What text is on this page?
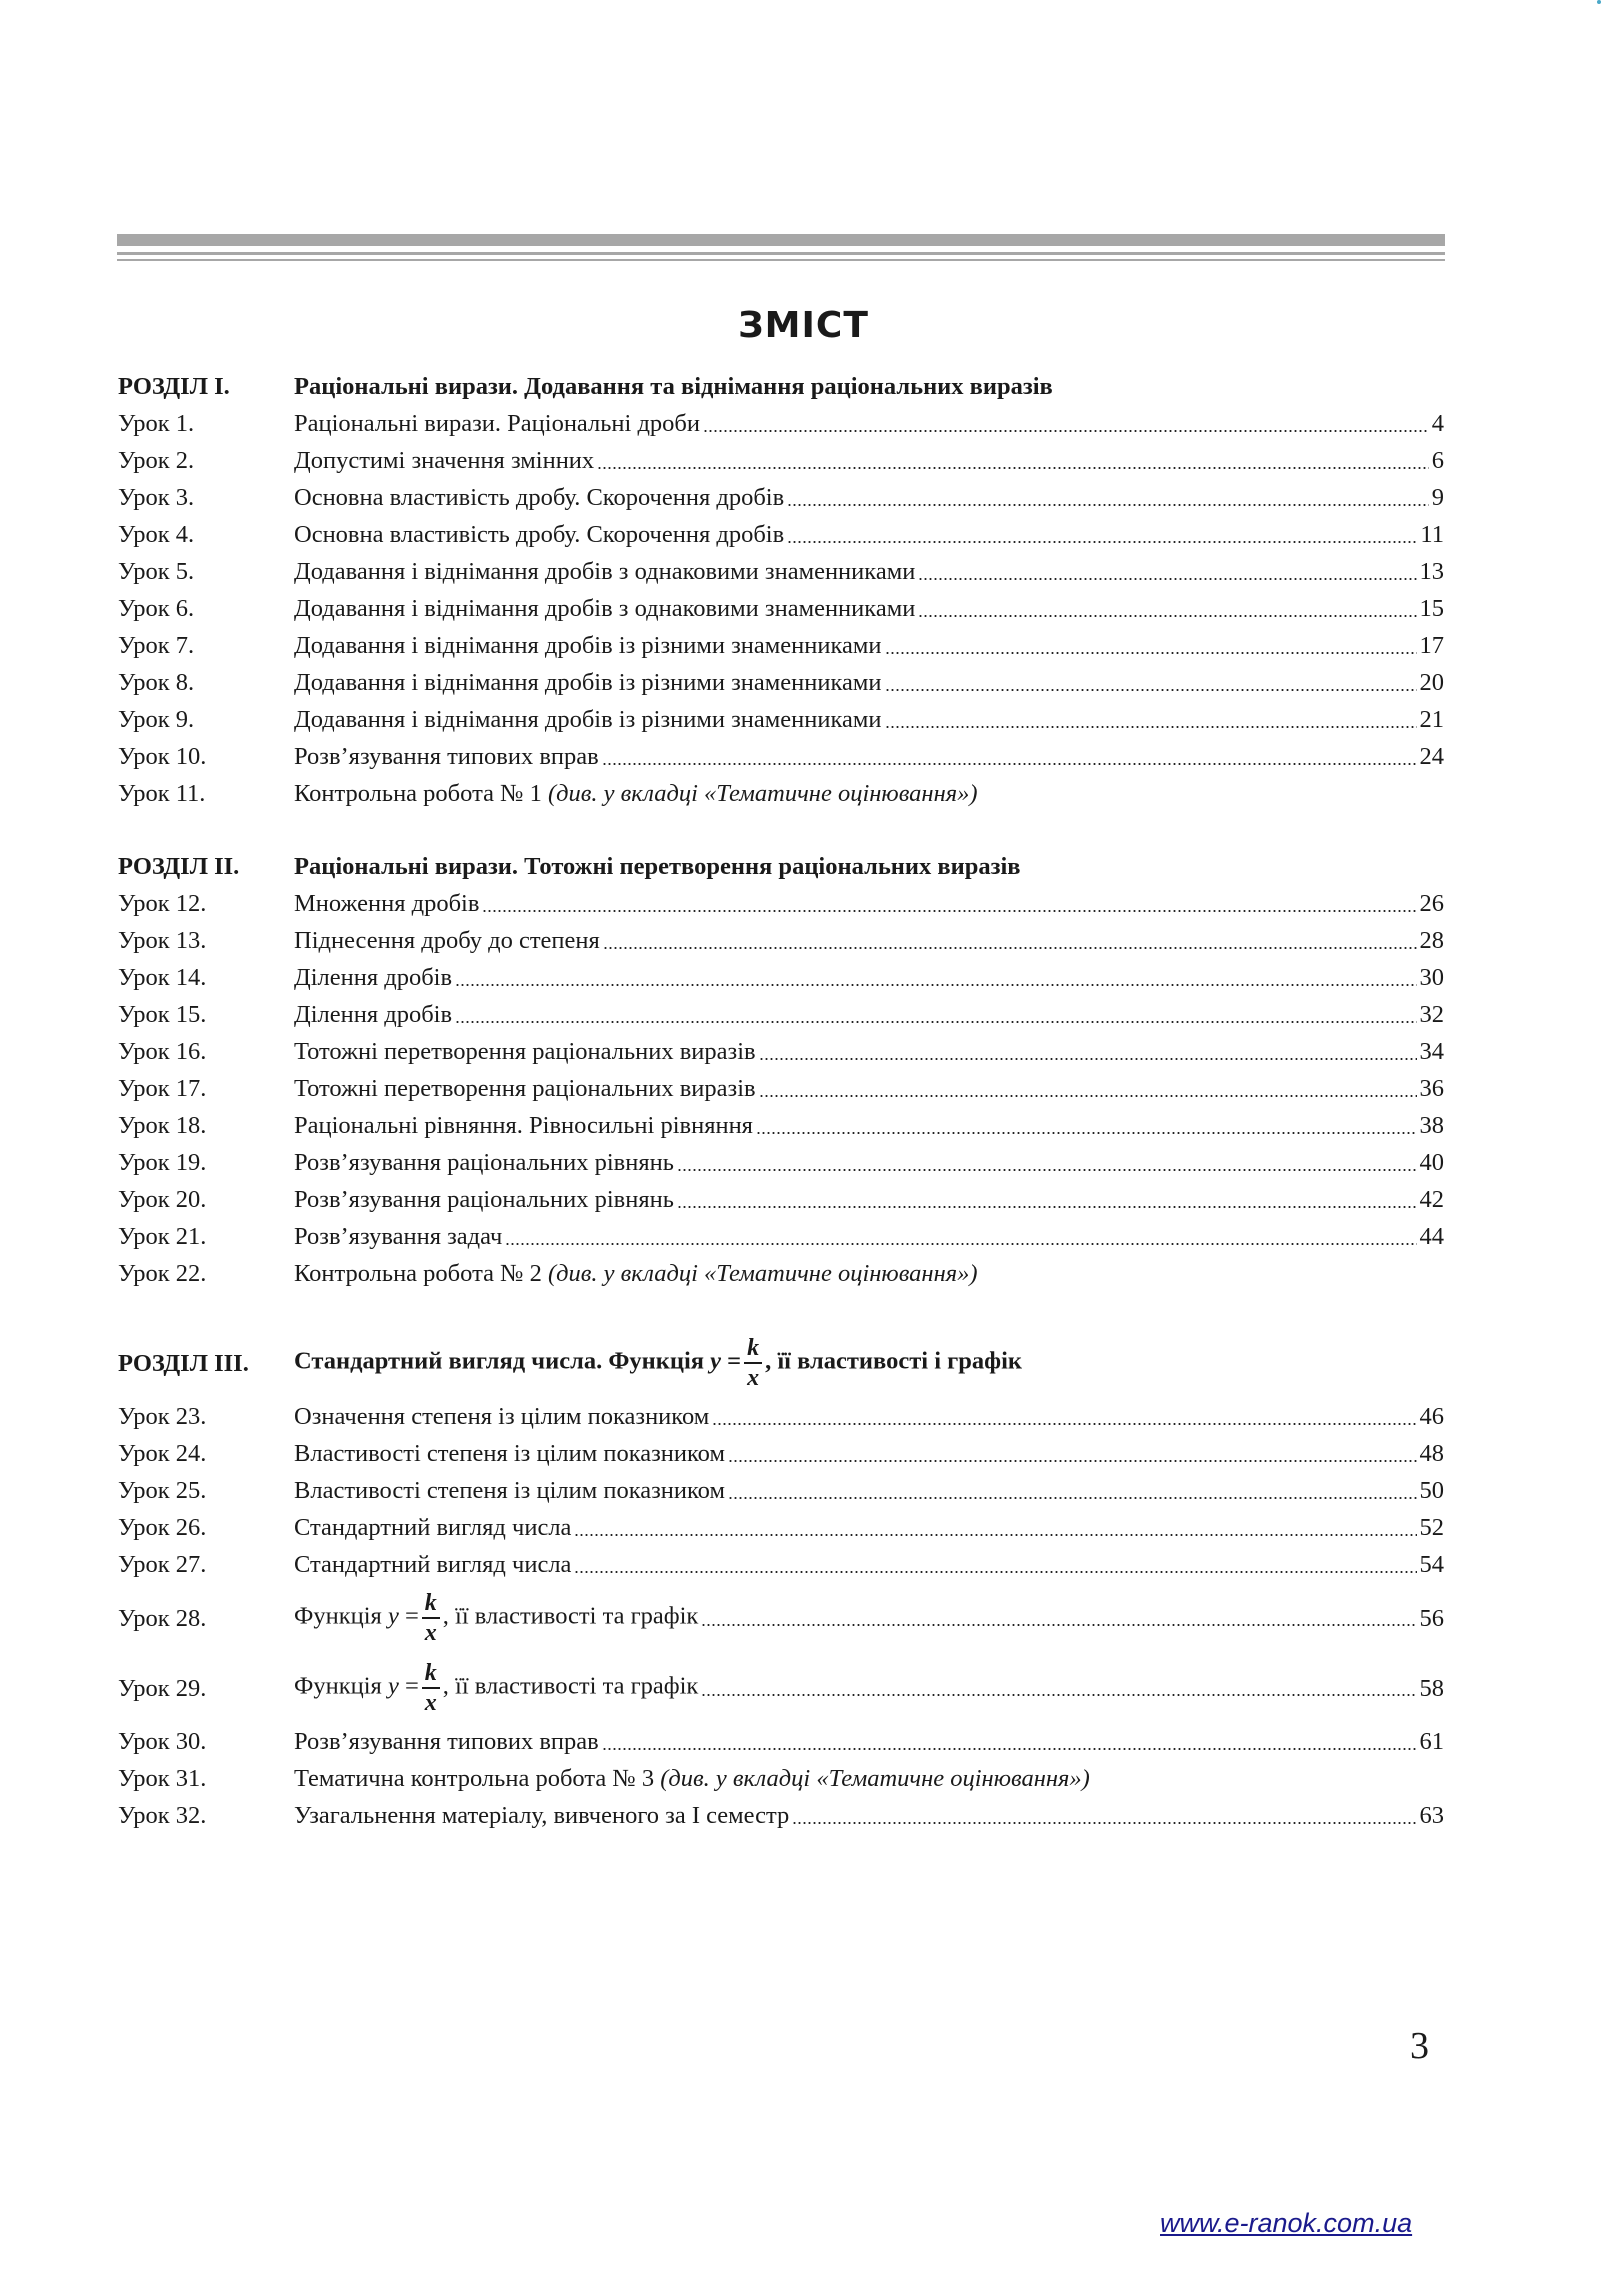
ЗМІСТ
РОЗДІЛ І.	Раціональні вирази. Додавання та віднімання раціональних виразів
Урок 1.	Раціональні вирази. Раціональні дроби	4
Урок 2.	Допустимі значення змінних	6
Урок 3.	Основна властивість дробу. Скорочення дробів	9
Урок 4.	Основна властивість дробу. Скорочення дробів	11
Урок 5.	Додавання і віднімання дробів з однаковими знаменниками	13
Урок 6.	Додавання і віднімання дробів з однаковими знаменниками	15
Урок 7.	Додавання і віднімання дробів із різними знаменниками	17
Урок 8.	Додавання і віднімання дробів із різними знаменниками	20
Урок 9.	Додавання і віднімання дробів із різними знаменниками	21
Урок 10.	Розв’язування типових вправ	24
Урок 11.	Контрольна робота № 1
(див. у вкладці «Тематичне оцінювання»)
РОЗДІЛ ІІ.	Раціональні вирази. Тотожні перетворення раціональних виразів
Урок 12.	Множення дробів	26
Урок 13.	Піднесення дробу до степеня	28
Урок 14.	Ділення дробів	30
Урок 15.	Ділення дробів	32
Урок 16.	Тотожні перетворення раціональних виразів	34
Урок 17.	Тотожні перетворення раціональних виразів	36
Урок 18.	Раціональні рівняння. Рівносильні рівняння	38
Урок 19.	Розв’язування раціональних рівнянь	40
Урок 20.	Розв’язування раціональних рівнянь	42
Урок 21.	Розв’язування задач	44
Урок 22.	Контрольна робота № 2
(див. у вкладці «Тематичне оцінювання»)
РОЗДІЛ ІІІ.	Стандартний вигляд числа. Функція $y = \frac{k}{x}$ , її властивості і графік
Урок 23.	Означення степеня із цілим показником	46
Урок 24.	Властивості степеня із цілим показником	48
Урок 25.	Властивості степеня із цілим показником	50
Урок 26.	Стандартний вигляд числа	52
Урок 27.	Стандартний вигляд числа	54
Урок 28.	Функція $y = \frac{k}{x}$ , її властивості та графік	56
Урок 29.	Функція $y = \frac{k}{x}$ , її властивості та графік	58
Урок 30.	Розв’язування типових вправ	61
Урок 31.	Тематична контрольна робота № 3
(див. у вкладці «Тематичне оцінювання»)
Урок 32.	Узагальнення матеріалу, вивченого за І семестр	63
3
www.e-ranok.com.ua
